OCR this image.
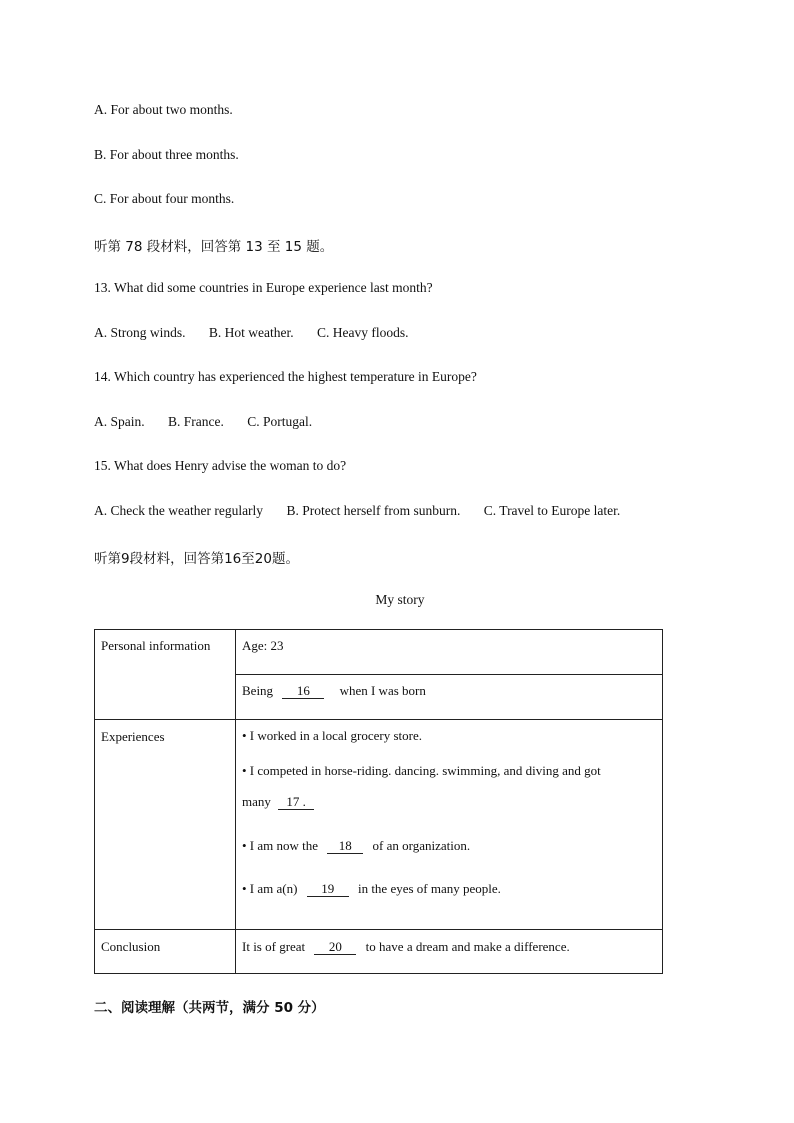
A. For about two months.
B. For about three months.
C. For about four months.
听第 78 段材料，回答第 13 至 15 题。
13. What did some countries in Europe experience last month?
A. Strong winds. B. Hot weather. C. Heavy floods.
14. Which country has experienced the highest temperature in Europe?
A. Spain. B. France. C. Portugal.
15. What does Henry advise the woman to do?
A. Check the weather regularly B. Protect herself from sunburn. C. Travel to Europe later.
听第9段材料，回答第16至20题。
My story
Personal information	Age: 23
	Being 16 when I was born
Experiences	• I worked in a local grocery store.
• I competed in horse-riding. dancing. swimming, and diving and got
many 17 .
• I am now the 18 of an organization.
• I am a(n) 19 in the eyes of many people.

Conclusion	It is of great 20 to have a dream and make a difference.
二、阅读理解（共两节，满分 50 分）
